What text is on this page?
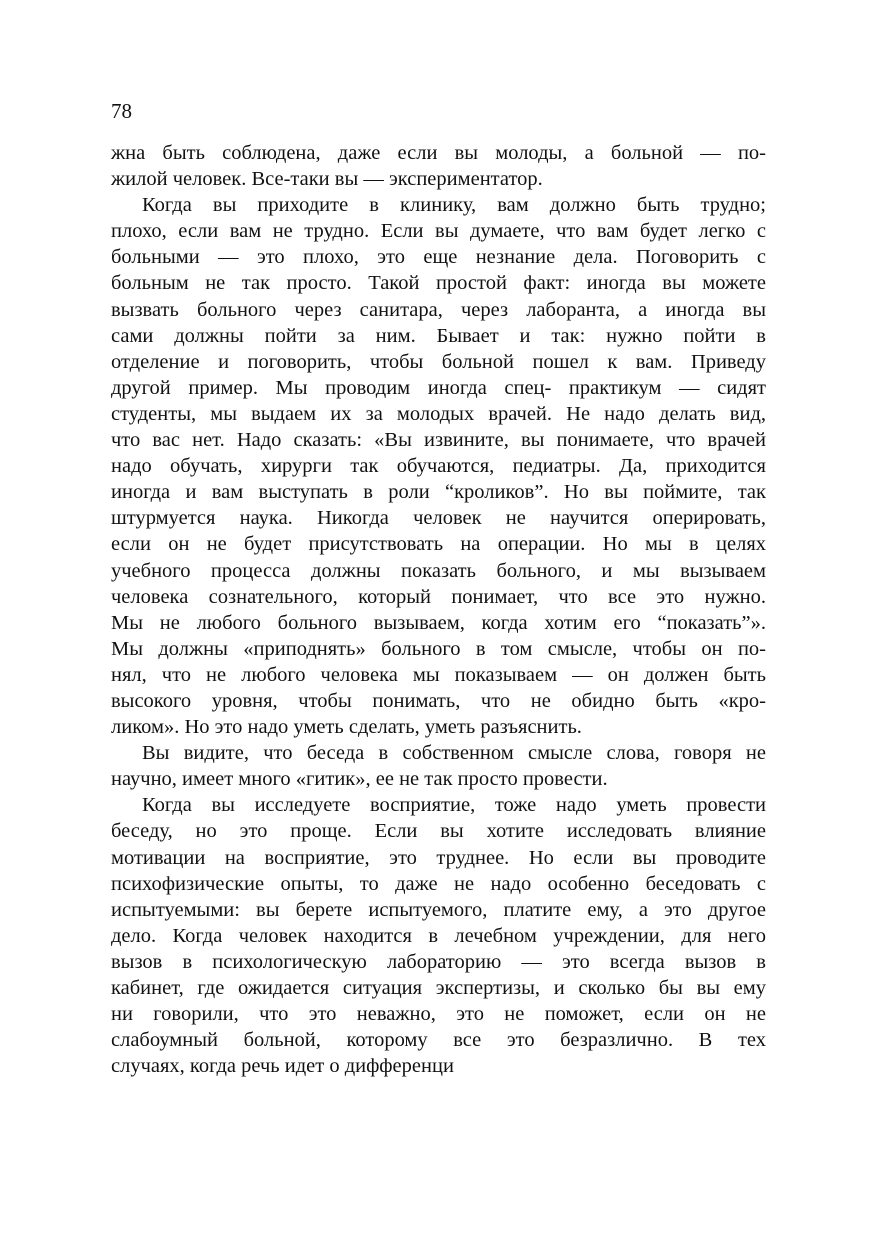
78
жна быть соблюдена, даже если вы молоды, а больной — по-
жилой человек. Все-таки вы — экспериментатор.
Когда вы приходите в клинику, вам должно быть трудно;
плохо, если вам не трудно. Если вы думаете, что вам будет легко с
больными — это плохо, это еще незнание дела. Поговорить с
больным не так просто. Такой простой факт: иногда вы можете
вызвать больного через санитара, через лаборанта, а иногда вы
сами должны пойти за ним. Бывает и так: нужно пойти в
отделение и поговорить, чтобы больной пошел к вам. Приведу
другой пример. Мы проводим иногда спец- практикум — сидят
студенты, мы выдаем их за молодых врачей. Не надо делать вид,
что вас нет. Надо сказать: «Вы извините, вы понимаете, что врачей
надо обучать, хирурги так обучаются, педиатры. Да, приходится
иногда и вам выступать в роли “кроликов”. Но вы поймите, так
штурмуется наука. Никогда человек не научится оперировать,
если он не будет присутствовать на операции. Но мы в целях
учебного процесса должны показать больного, и мы вызываем
человека сознательного, который понимает, что все это нужно.
Мы не любого больного вызываем, когда хотим его “показать”».
Мы должны «приподнять» больного в том смысле, чтобы он по-
нял, что не любого человека мы показываем — он должен быть
высокого уровня, чтобы понимать, что не обидно быть «кро-
ликом». Но это надо уметь сделать, уметь разъяснить.
Вы видите, что беседа в собственном смысле слова, говоря не
научно, имеет много «гитик», ее не так просто провести.
Когда вы исследуете восприятие, тоже надо уметь провести
беседу, но это проще. Если вы хотите исследовать влияние
мотивации на восприятие, это труднее. Но если вы проводите
психофизические опыты, то даже не надо особенно беседовать с
испытуемыми: вы берете испытуемого, платите ему, а это другое
дело. Когда человек находится в лечебном учреждении, для него
вызов в психологическую лабораторию — это всегда вызов в
кабинет, где ожидается ситуация экспертизы, и сколько бы вы ему
ни говорили, что это неважно, это не поможет, если он не
слабоумный больной, которому все это безразлично. В тех
случаях, когда речь идет о дифференци
